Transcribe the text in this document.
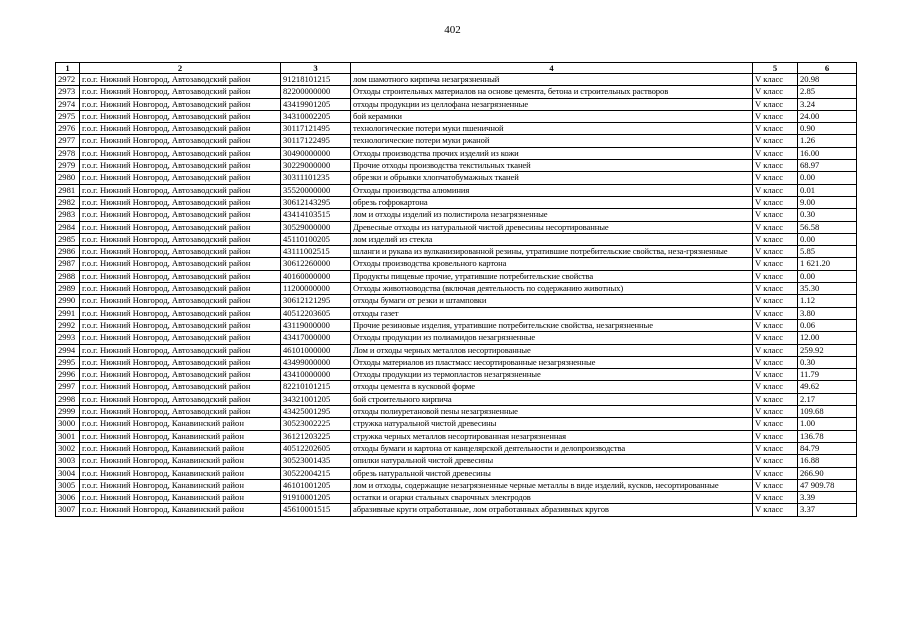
402
1	2	3	4	5	6
2972	г.о.г. Нижний Новгород, Автозаводский район	91218101215	лом шамотного кирпича незагрязненный	V класс	20.98
2973	г.о.г. Нижний Новгород, Автозаводский район	82200000000	Отходы строительных материалов на основе цемента, бетона и строительных растворов	V класс	2.85
2974	г.о.г. Нижний Новгород, Автозаводский район	43419901205	отходы продукции из целлофана незагрязненные	V класс	3.24
2975	г.о.г. Нижний Новгород, Автозаводский район	34310002205	бой керамики	V класс	24.00
2976	г.о.г. Нижний Новгород, Автозаводский район	30117121495	технологические потери муки пшеничной	V класс	0.90
2977	г.о.г. Нижний Новгород, Автозаводский район	30117122495	технологические потери муки ржаной	V класс	1.26
2978	г.о.г. Нижний Новгород, Автозаводский район	30490000000	Отходы производства прочих изделий из кожи	V класс	16.00
2979	г.о.г. Нижний Новгород, Автозаводский район	30229000000	Прочие отходы производства текстильных тканей	V класс	68.97
2980	г.о.г. Нижний Новгород, Автозаводский район	30311101235	обрезки и обрывки хлопчатобумажных тканей	V класс	0.00
2981	г.о.г. Нижний Новгород, Автозаводский район	35520000000	Отходы производства алюминия	V класс	0.01
2982	г.о.г. Нижний Новгород, Автозаводский район	30612143295	обрезь гофрокартона	V класс	9.00
2983	г.о.г. Нижний Новгород, Автозаводский район	43414103515	лом и отходы изделий из полистирола незагрязненные	V класс	0.30
2984	г.о.г. Нижний Новгород, Автозаводский район	30529000000	Древесные отходы из натуральной чистой древесины несортированные	V класс	56.58
2985	г.о.г. Нижний Новгород, Автозаводский район	45110100205	лом изделий из стекла	V класс	0.00
2986	г.о.г. Нижний Новгород, Автозаводский район	43111002515	шланги и рукава из вулканизированной резины, утратившие потребительские свойства, неза-грязненные	V класс	5.85
2987	г.о.г. Нижний Новгород, Автозаводский район	30612260000	Отходы производства кровельного картона	V класс	1 621.20
2988	г.о.г. Нижний Новгород, Автозаводский район	40160000000	Продукты пищевые прочие, утратившие потребительские свойства	V класс	0.00
2989	г.о.г. Нижний Новгород, Автозаводский район	11200000000	Отходы животноводства (включая деятельность по содержанию животных)	V класс	35.30
2990	г.о.г. Нижний Новгород, Автозаводский район	30612121295	отходы бумаги от резки и штамповки	V класс	1.12
2991	г.о.г. Нижний Новгород, Автозаводский район	40512203605	отходы газет	V класс	3.80
2992	г.о.г. Нижний Новгород, Автозаводский район	43119000000	Прочие резиновые изделия, утратившие потребительские свойства, незагрязненные	V класс	0.06
2993	г.о.г. Нижний Новгород, Автозаводский район	43417000000	Отходы продукции из полиамидов незагрязненные	V класс	12.00
2994	г.о.г. Нижний Новгород, Автозаводский район	46101000000	Лом и отходы черных металлов несортированные	V класс	259.92
2995	г.о.г. Нижний Новгород, Автозаводский район	43499000000	Отходы материалов из пластмасс несортированные незагрязненные	V класс	0.30
2996	г.о.г. Нижний Новгород, Автозаводский район	43410000000	Отходы продукции из термопластов незагрязненные	V класс	11.79
2997	г.о.г. Нижний Новгород, Автозаводский район	82210101215	отходы цемента в кусковой форме	V класс	49.62
2998	г.о.г. Нижний Новгород, Автозаводский район	34321001205	бой строительного кирпича	V класс	2.17
2999	г.о.г. Нижний Новгород, Автозаводский район	43425001295	отходы полиуретановой пены незагрязненные	V класс	109.68
3000	г.о.г. Нижний Новгород, Канавинский район	30523002225	стружка натуральной чистой древесины	V класс	1.00
3001	г.о.г. Нижний Новгород, Канавинский район	36121203225	стружка черных металлов несортированная незагрязненная	V класс	136.78
3002	г.о.г. Нижний Новгород, Канавинский район	40512202605	отходы бумаги и картона от канцелярской деятельности и делопроизводства	V класс	84.79
3003	г.о.г. Нижний Новгород, Канавинский район	30523001435	опилки натуральной чистой древесины	V класс	16.88
3004	г.о.г. Нижний Новгород, Канавинский район	30522004215	обрезь натуральной чистой древесины	V класс	266.90
3005	г.о.г. Нижний Новгород, Канавинский район	46101001205	лом и отходы, содержащие незагрязненные черные металлы в виде изделий, кусков, несортированные	V класс	47 909.78
3006	г.о.г. Нижний Новгород, Канавинский район	91910001205	остатки и огарки стальных сварочных электродов	V класс	3.39
3007	г.о.г. Нижний Новгород, Канавинский район	45610001515	абразивные круги отработанные, лом отработанных абразивных кругов	V класс	3.37
